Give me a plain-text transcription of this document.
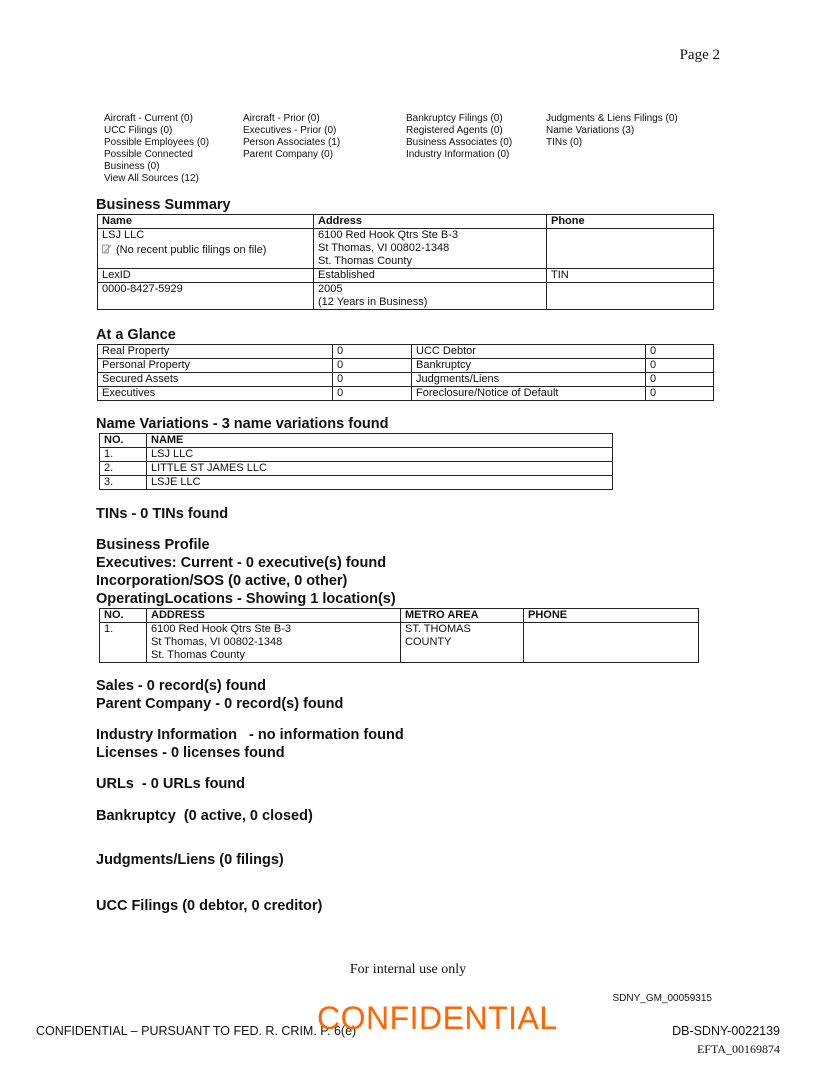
Page 2
Aircraft - Current (0)
UCC Filings (0)
Possible Employees (0)
Possible Connected
Business (0)
View All Sources (12)
Aircraft - Prior (0)
Executives - Prior (0)
Person Associates (1)
Parent Company (0)
Bankruptcy Filings (0)
Registered Agents (0)
Business Associates (0)
Industry Information (0)
Judgments & Liens Filings (0)
Name Variations (3)
TINs (0)
Business Summary
Name	Address	Phone

LSJ LLC
(No recent public filings on file)	6100 Red Hook Qtrs Ste B-3
St Thomas, VI 00802-1348
St. Thomas County	

LexID	Established	TIN
0000-8427-5929	2005
(12 Years in Business)	

At a Glance
Real Property	0	UCC Debtor	0
Personal Property	0	Bankruptcy	0
Secured Assets	0	Judgments/Liens	0
Executives	0	Foreclosure/Notice of Default	0
Name Variations - 3 name variations found
NO.	NAME
1.	LSJ LLC
2.	LITTLE ST JAMES LLC
3.	LSJE LLC
TINs - 0 TINs found
Business Profile
Executives: Current - 0 executive(s) found
Incorporation/SOS (0 active, 0 other)
OperatingLocations - Showing 1 location(s)
NO.	ADDRESS	METRO AREA	PHONE
1.	6100 Red Hook Qtrs Ste B-3
St Thomas, VI 00802-1348
St. Thomas County	ST. THOMAS
COUNTY	

Sales - 0 record(s) found
Parent Company - 0 record(s) found
Industry Information   - no information found
Licenses - 0 licenses found
URLs  - 0 URLs found
Bankruptcy  (0 active, 0 closed)
Judgments/Liens (0 filings)
UCC Filings (0 debtor, 0 creditor)
For internal use only
SDNY_GM_00059315
CONFIDENTIAL – PURSUANT TO FED. R. CRIM. P. 6(e)
CONFIDENTIAL	DB-SDNY-0022139
EFTA_00169874
